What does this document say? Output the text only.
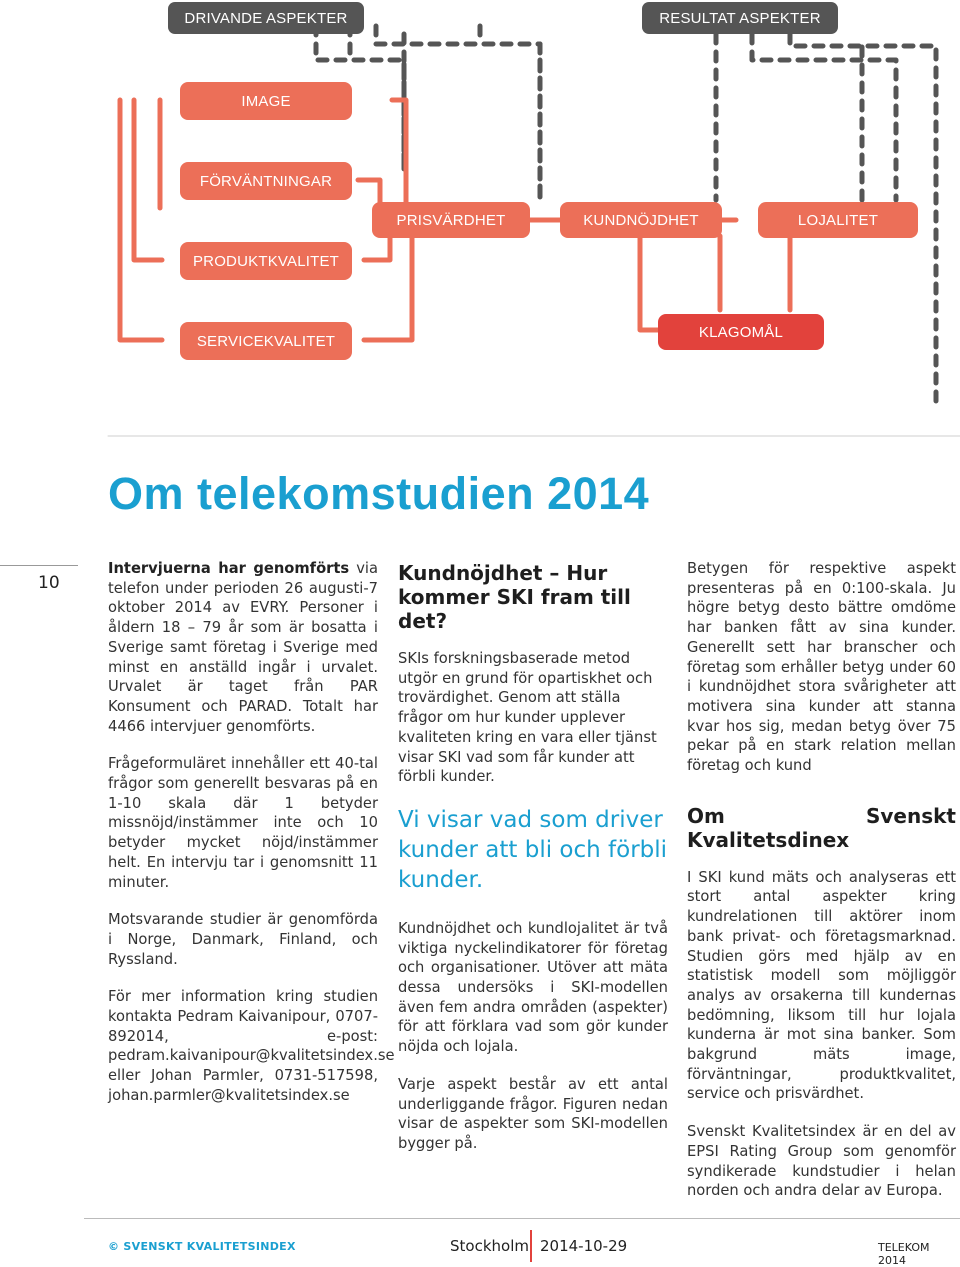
DRIVANDE ASPEKTER	RESULTAT ASPEKTER
IMAGE
FÖRVÄNTNINGAR
PRISVÄRDHET	KUNDNÖJDHET	LOJALITET
PRODUKTKVALITET
SERVICEKVALITET
KLAGOMÅL
Om telekomstudien 2014
10

Intervjuerna har genomförts via telefon under perioden 26 augusti-7 oktober 2014 av EVRY. Personer i åldern 18 – 79 år som är bosatta i Sverige samt företag i Sverige med minst en anställd ingår i urvalet. Urvalet är taget från PAR Konsument och PARAD. Totalt har 4466 intervjuer genomförts.

Frågeformuläret innehåller ett 40-tal frågor som generellt besvaras på en 1-10 skala där 1 betyder missnöjd/instämmer inte och 10 betyder mycket nöjd/instämmer helt. En intervju tar i genomsnitt 11 minuter.

Motsvarande studier är genomförda i Norge, Danmark, Finland, och Ryssland.

För mer information kring studien kontakta Pedram Kaivanipour, 0707-892014, e-post: pedram.kaivanipour@kvalitetsindex.se eller Johan Parmler, 0731-517598, johan.parmler@kvalitetsindex.se

Kundnöjdhet – Hur kommer SKI fram till det?

SKIs forskningsbaserade metod utgör en grund för opartiskhet och trovärdighet. Genom att ställa frågor om hur kunder upplever kvaliteten kring en vara eller tjänst visar SKI vad som får kunder att förbli kunder.

Vi visar vad som driver kunder att bli och förbli kunder.

Kundnöjdhet och kundlojalitet är två viktiga nyckelindikatorer för företag och organisationer. Utöver att mäta dessa undersöks i SKI-modellen även fem andra områden (aspekter) för att förklara vad som gör kunder nöjda och lojala.

Varje aspekt består av ett antal underliggande frågor. Figuren nedan visar de aspekter som SKI-modellen bygger på.

Betygen för respektive aspekt presenteras på en 0:100-skala. Ju högre betyg desto bättre omdöme har banken fått av sina kunder. Generellt sett har branscher och företag som erhåller betyg under 60 i kundnöjdhet stora svårigheter att motivera sina kunder att stanna kvar hos sig, medan betyg över 75 pekar på en stark relation mellan företag och kund

Om Svenskt Kvalitetsdinex

I SKI kund mäts och analyseras ett stort antal aspekter kring kundrelationen till aktörer inom bank privat- och företagsmarknad. Studien görs med hjälp av en statistisk modell som möjliggör analys av orsakerna till kundernas bedömning, liksom till hur lojala kunderna är mot sina banker. Som bakgrund mäts image, förväntningar, produktkvalitet, service och prisvärdhet.

Svenskt Kvalitetsindex är en del av EPSI Rating Group som genomför syndikerade kundstudier i helan norden och andra delar av Europa.

© SVENSKT KVALITETSINDEX	Stockholm 2014-10-29	TELEKOM 2014
